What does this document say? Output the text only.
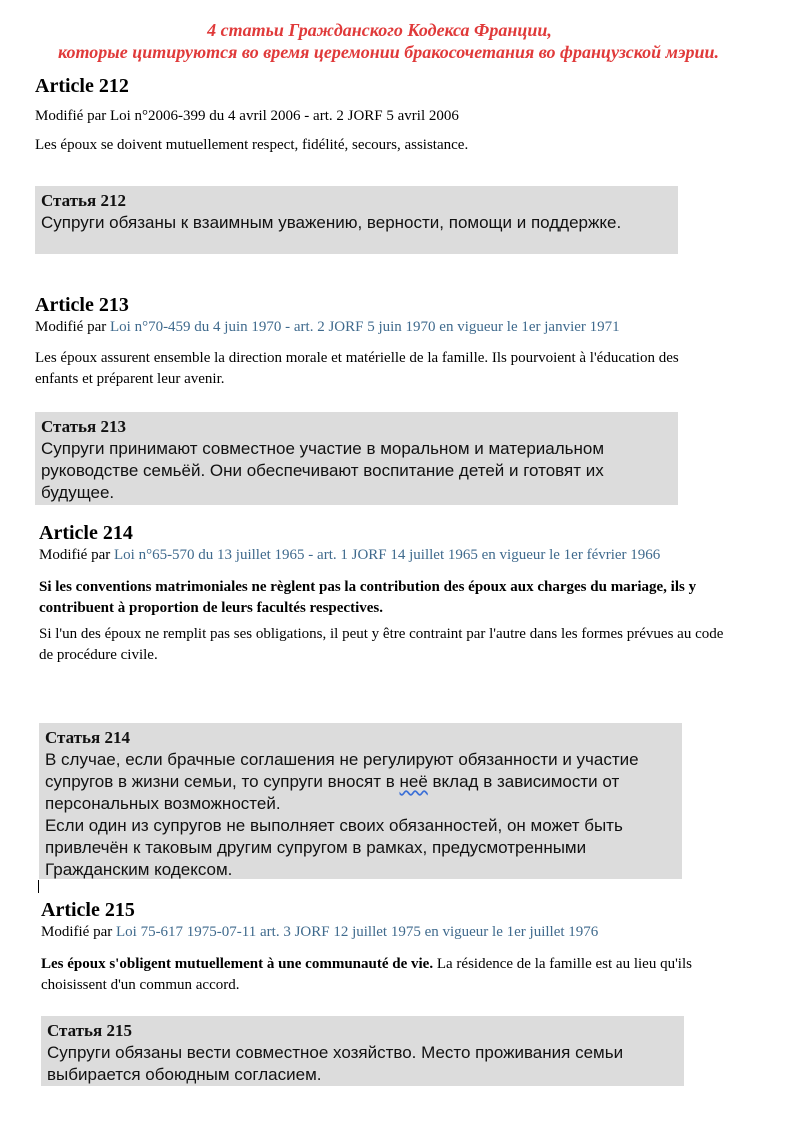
4 статьи Гражданского Кодекса Франции,
которые цитируются во время церемонии бракосочетания во французской мэрии.
Article 212
Modifié par Loi n°2006-399 du 4 avril 2006 - art. 2 JORF 5 avril 2006
Les époux se doivent mutuellement respect, fidélité, secours, assistance.
Статья 212
Супруги обязаны к взаимным уважению, верности, помощи и поддержке.
Article 213
Modifié par Loi n°70-459 du 4 juin 1970 - art. 2 JORF 5 juin 1970 en vigueur le 1er janvier 1971
Les époux assurent ensemble la direction morale et matérielle de la famille. Ils pourvoient à l'éducation des enfants et préparent leur avenir.
Статья 213
Супруги принимают совместное участие в моральном и материальном руководстве семьёй. Они обеспечивают воспитание детей и готовят их будущее.
Article 214
Modifié par Loi n°65-570 du 13 juillet 1965 - art. 1 JORF 14 juillet 1965 en vigueur le 1er février 1966
Si les conventions matrimoniales ne règlent pas la contribution des époux aux charges du mariage, ils y contribuent à proportion de leurs facultés respectives.
Si l'un des époux ne remplit pas ses obligations, il peut y être contraint par l'autre dans les formes prévues au code de procédure civile.
Статья 214
В случае, если брачные соглашения не регулируют обязанности и участие супругов в жизни семьи, то супруги вносят в неё вклад в зависимости от персональных возможностей.
Если один из супругов не выполняет своих обязанностей, он может быть привлечён к таковым другим супругом в рамках, предусмотренными Гражданским кодексом.
Article 215
Modifié par Loi 75-617 1975-07-11 art. 3 JORF 12 juillet 1975 en vigueur le 1er juillet 1976
Les époux s'obligent mutuellement à une communauté de vie. La résidence de la famille est au lieu qu'ils choisissent d'un commun accord.
Статья 215
Супруги обязаны вести совместное хозяйство. Место проживания семьи выбирается обоюдным согласием.
